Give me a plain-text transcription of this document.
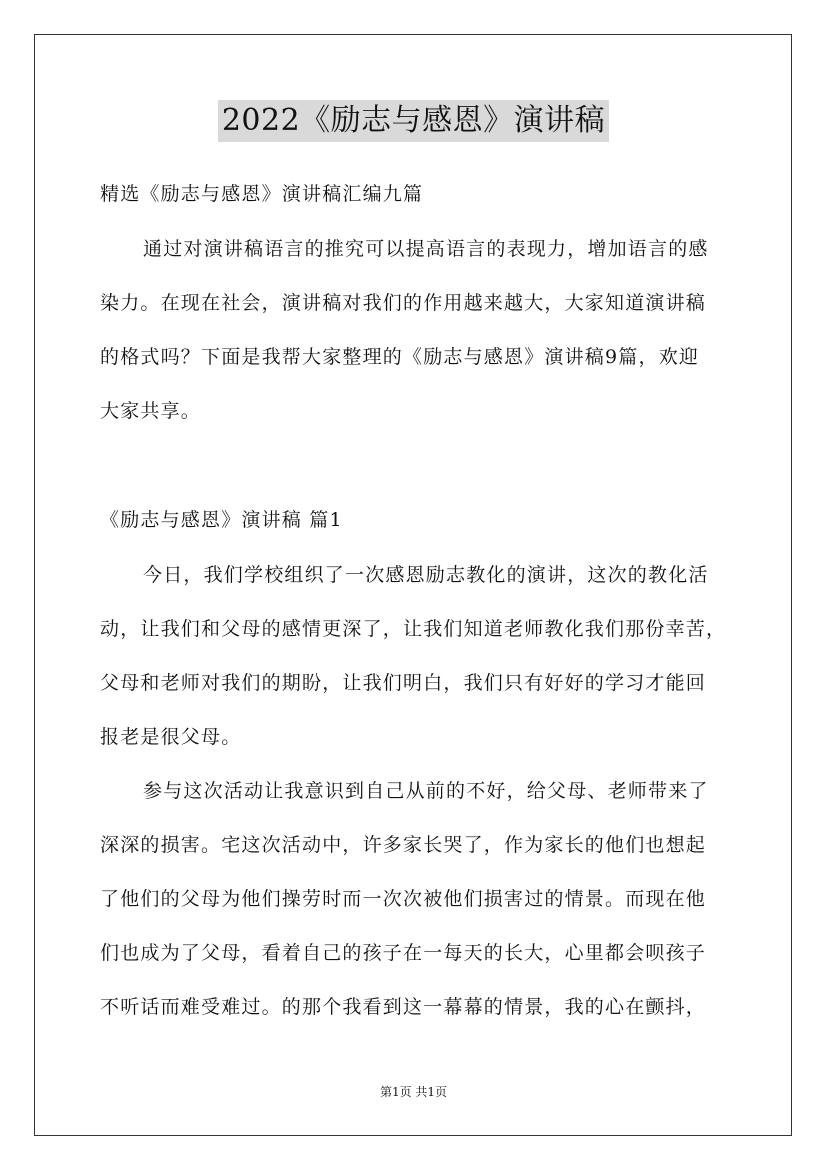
2022《励志与感恩》演讲稿
精选《励志与感恩》演讲稿汇编九篇
通过对演讲稿语言的推究可以提高语言的表现力，增加语言的感
染力。在现在社会，演讲稿对我们的作用越来越大，大家知道演讲稿
的格式吗？下面是我帮大家整理的《励志与感恩》演讲稿9篇，欢迎
大家共享。
《励志与感恩》演讲稿 篇1
今日，我们学校组织了一次感恩励志教化的演讲，这次的教化活
动，让我们和父母的感情更深了，让我们知道老师教化我们那份幸苦，
父母和老师对我们的期盼，让我们明白，我们只有好好的学习才能回
报老是很父母。
参与这次活动让我意识到自己从前的不好，给父母、老师带来了
深深的损害。宅这次活动中，许多家长哭了，作为家长的他们也想起
了他们的父母为他们操劳时而一次次被他们损害过的情景。而现在他
们也成为了父母，看着自己的孩子在一每天的长大，心里都会呗孩子
不听话而难受难过。的那个我看到这一幕幕的情景，我的心在颤抖，
第1页 共1页
